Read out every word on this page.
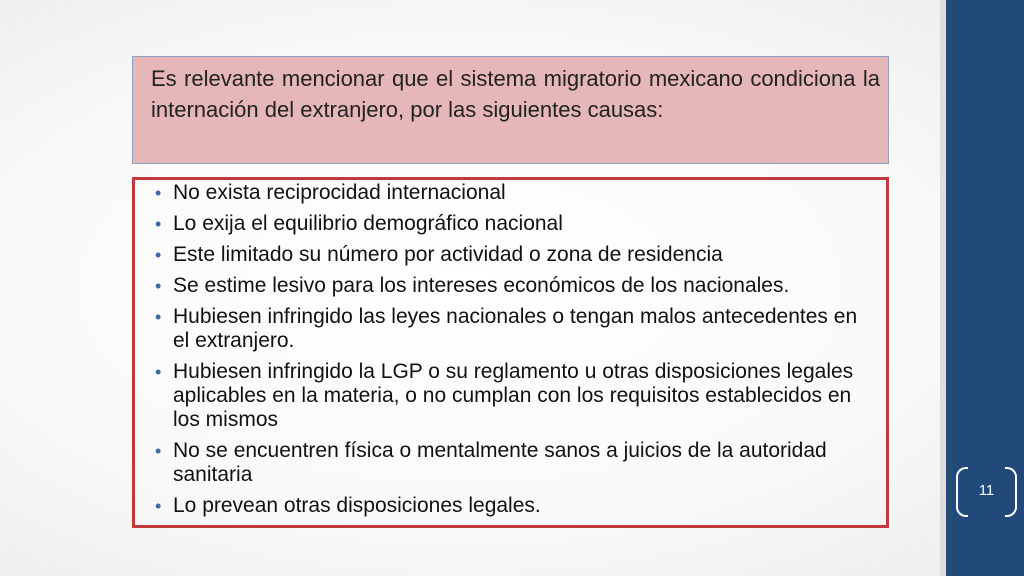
Es relevante mencionar que el sistema migratorio mexicano condiciona la internación del extranjero, por las siguientes causas:

• No exista reciprocidad internacional
• Lo exija el equilibrio demográfico nacional
• Este limitado su número por actividad o zona de residencia
• Se estime lesivo para los intereses económicos de los nacionales.
• Hubiesen infringido las leyes nacionales o tengan malos antecedentes en el extranjero.
• Hubiesen infringido la LGP o su reglamento u otras disposiciones legales aplicables en la materia, o no cumplan con los requisitos establecidos en los mismos
• No se encuentren física o mentalmente sanos a juicios de la autoridad sanitaria
• Lo prevean otras disposiciones legales.
11
